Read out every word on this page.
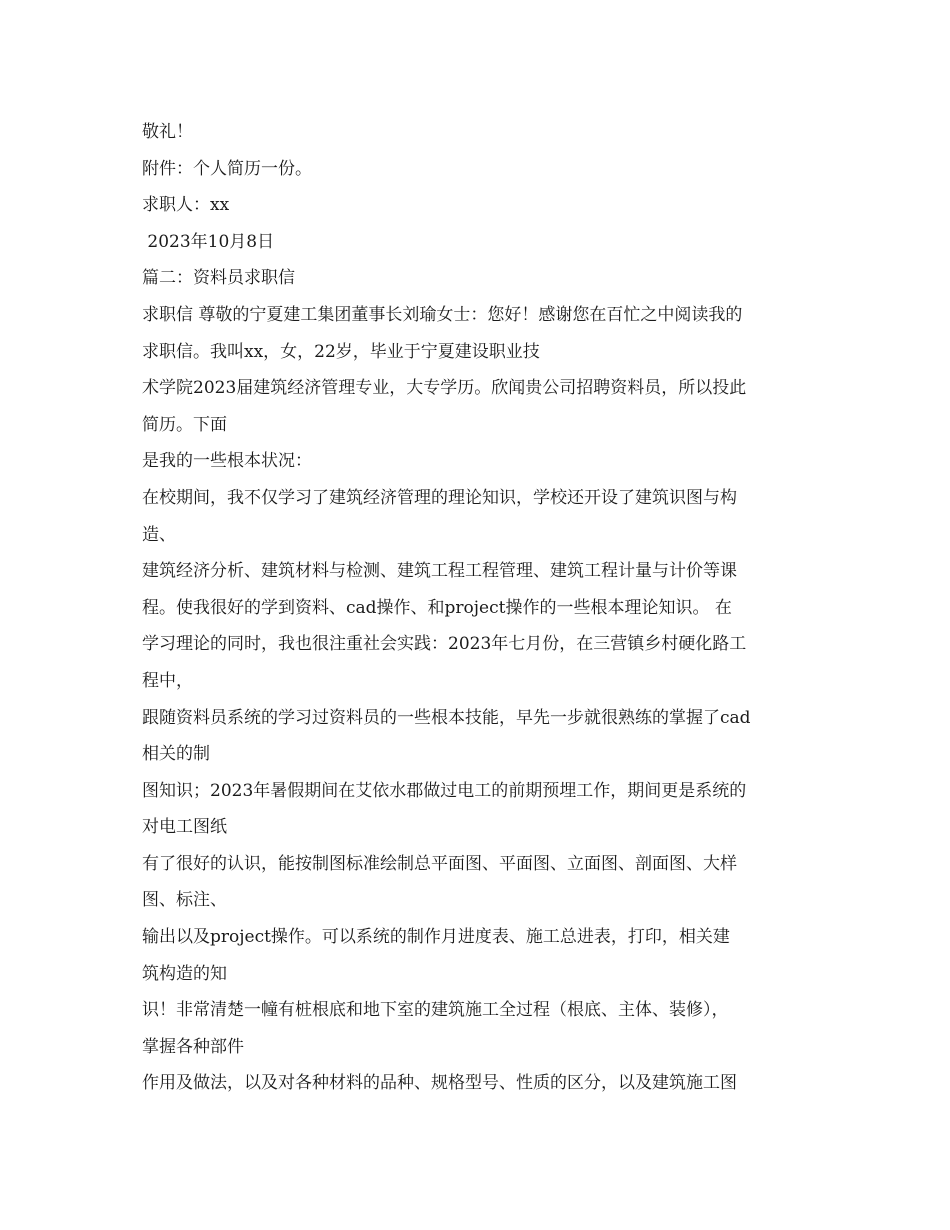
敬礼！
附件：个人简历一份。
求职人：xx
2023年10月8日
篇二：资料员求职信
求职信 尊敬的宁夏建工集团董事长刘瑜女士：您好！感谢您在百忙之中阅读我的
求职信。我叫xx，女，22岁，毕业于宁夏建设职业技
术学院2023届建筑经济管理专业，大专学历。欣闻贵公司招聘资料员，所以投此
简历。下面
是我的一些根本状况：
在校期间，我不仅学习了建筑经济管理的理论知识，学校还开设了建筑识图与构
造、
建筑经济分析、建筑材料与检测、建筑工程工程管理、建筑工程计量与计价等课
程。使我很好的学到资料、cad操作、和project操作的一些根本理论知识。 在
学习理论的同时，我也很注重社会实践：2023年七月份，在三营镇乡村硬化路工
程中，
跟随资料员系统的学习过资料员的一些根本技能，早先一步就很熟练的掌握了cad
相关的制
图知识；2023年暑假期间在艾依水郡做过电工的前期预埋工作，期间更是系统的
对电工图纸
有了很好的认识，能按制图标准绘制总平面图、平面图、立面图、剖面图、大样
图、标注、
输出以及project操作。可以系统的制作月进度表、施工总进表，打印，相关建
筑构造的知
识！非常清楚一幢有桩根底和地下室的建筑施工全过程（根底、主体、装修），
掌握各种部件
作用及做法，以及对各种材料的品种、规格型号、性质的区分，以及建筑施工图
